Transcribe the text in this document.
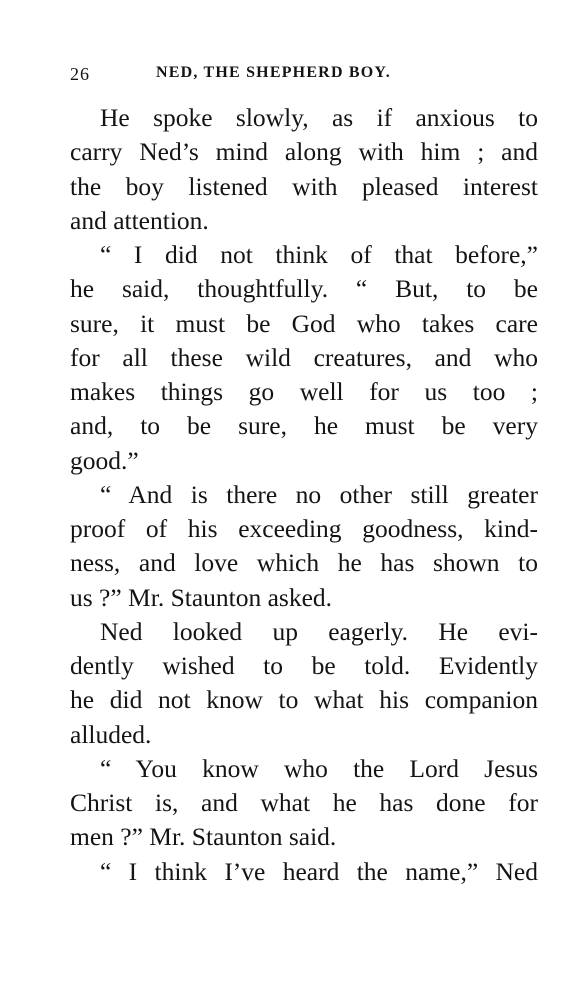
26	NED, THE SHEPHERD BOY.
He spoke slowly, as if anxious to
carry Ned’s mind along with him ; and
the boy listened with pleased interest
and attention.
“ I did not think of that before,”
he said, thoughtfully. “ But, to be
sure, it must be God who takes care
for all these wild creatures, and who
makes things go well for us too ;
and, to be sure, he must be very
good.”
“ And is there no other still greater
proof of his exceeding goodness, kind-
ness, and love which he has shown to
us ?” Mr. Staunton asked.
Ned looked up eagerly. He evi-
dently wished to be told. Evidently
he did not know to what his companion
alluded.
“ You know who the Lord Jesus
Christ is, and what he has done for
men ?” Mr. Staunton said.
“ I think I’ve heard the name,” Ned
